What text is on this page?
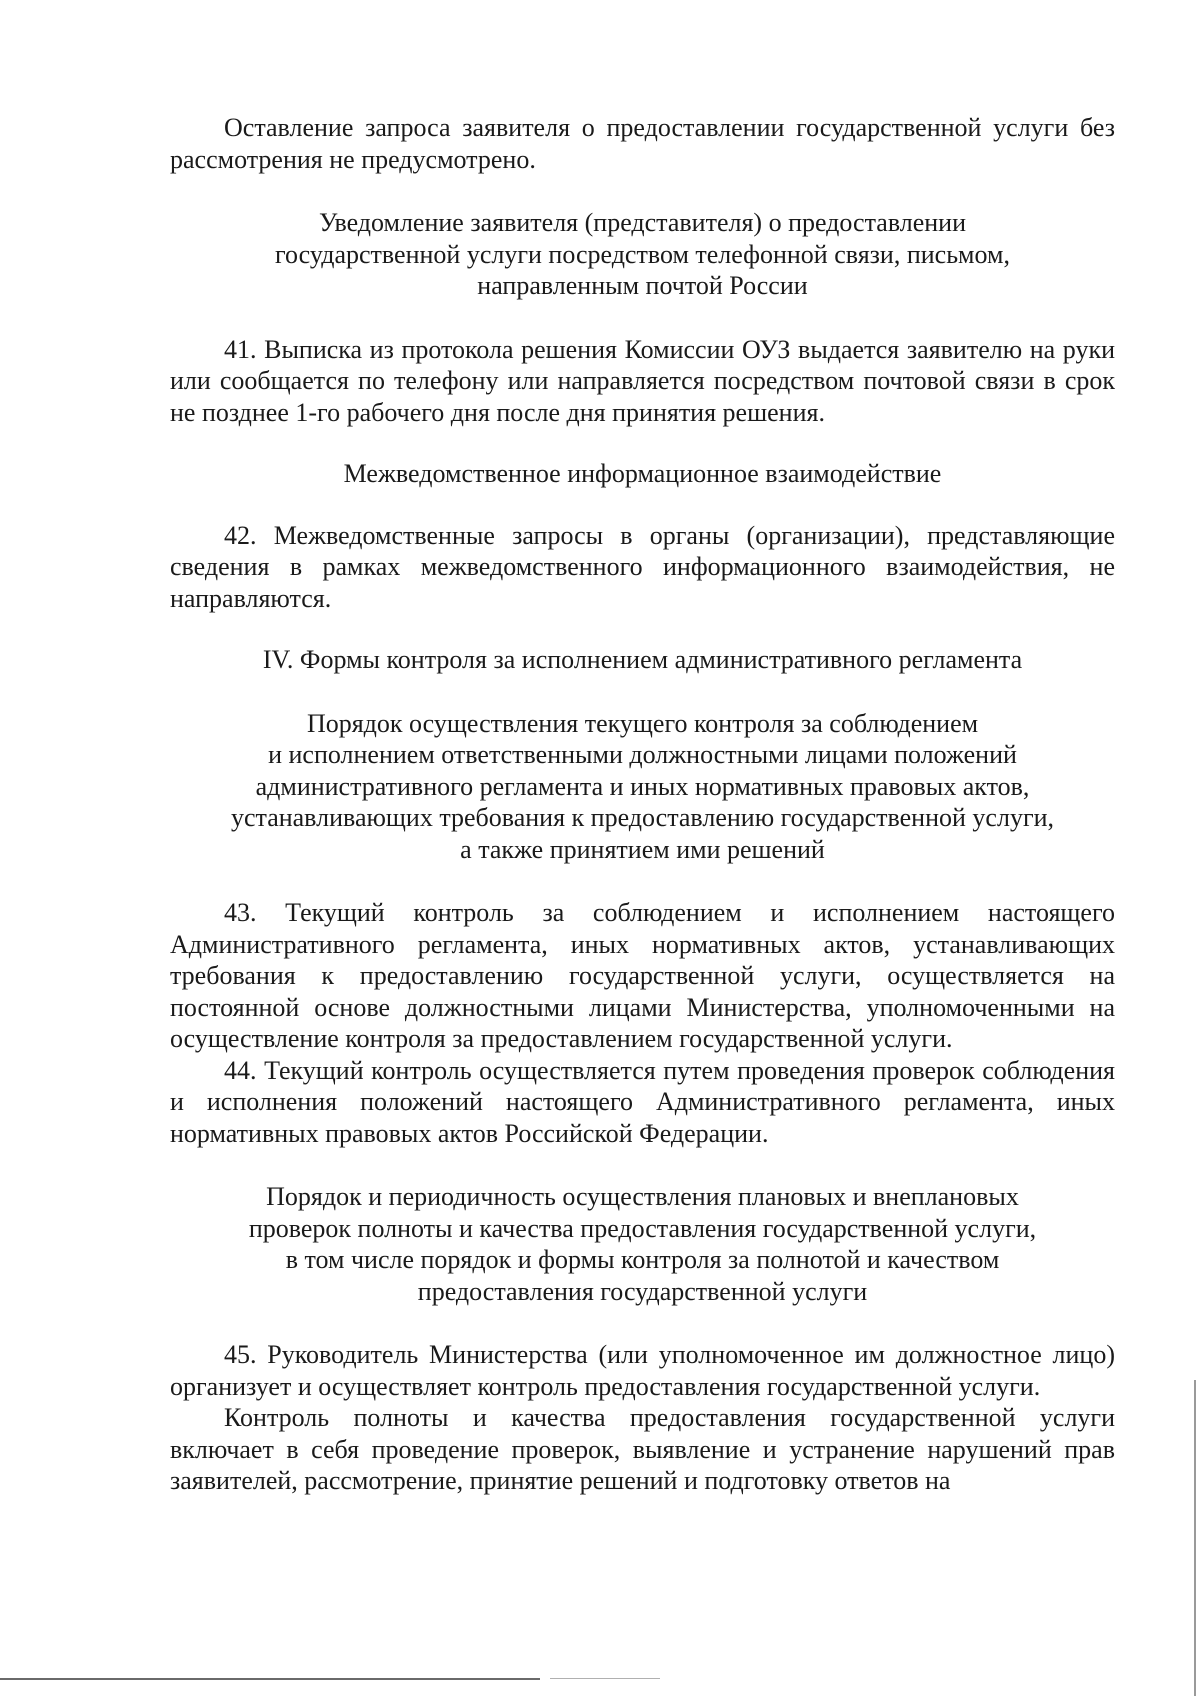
Оставление запроса заявителя о предоставлении государственной услуги без рассмотрения не предусмотрено.

Уведомление заявителя (представителя) о предоставлении

государственной услуги посредством телефонной связи, письмом,

направленным почтой России

41. Выписка из протокола решения Комиссии ОУЗ выдается заявителю на руки или сообщается по телефону или направляется посредством почтовой связи в срок не позднее 1-го рабочего дня после дня принятия решения.

Межведомственное информационное взаимодействие

42. Межведомственные запросы в органы (организации), представляющие сведения в рамках межведомственного информационного взаимодействия, не направляются.

IV. Формы контроля за исполнением административного регламента

Порядок осуществления текущего контроля за соблюдением

и исполнением ответственными должностными лицами положений

административного регламента и иных нормативных правовых актов,

устанавливающих требования к предоставлению государственной услуги,

а также принятием ими решений

43. Текущий контроль за соблюдением и исполнением настоящего Административного регламента, иных нормативных актов, устанавливающих требования к предоставлению государственной услуги, осуществляется на постоянной основе должностными лицами Министерства, уполномоченными на осуществление контроля за предоставлением государственной услуги.

44. Текущий контроль осуществляется путем проведения проверок соблюдения и исполнения положений настоящего Административного регламента, иных нормативных правовых актов Российской Федерации.

Порядок и периодичность осуществления плановых и внеплановых

проверок полноты и качества предоставления государственной услуги,

в том числе порядок и формы контроля за полнотой и качеством

предоставления государственной услуги

45. Руководитель Министерства (или уполномоченное им должностное лицо) организует и осуществляет контроль предоставления государственной услуги.

Контроль полноты и качества предоставления государственной услуги включает в себя проведение проверок, выявление и устранение нарушений прав заявителей, рассмотрение, принятие решений и подготовку ответов на
